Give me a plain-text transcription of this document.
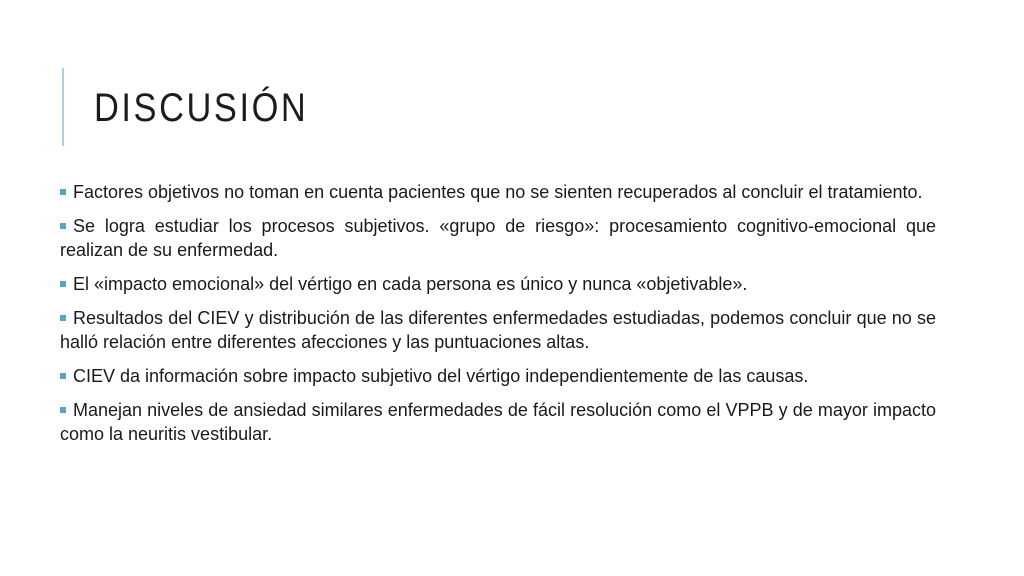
DISCUSIÓN
Factores objetivos no toman en cuenta pacientes que no se sienten recuperados al concluir el tratamiento.
Se logra estudiar los procesos subjetivos. «grupo de riesgo»: procesamiento cognitivo-emocional que realizan de su enfermedad.
El «impacto emocional» del vértigo en cada persona es único y nunca «objetivable».
Resultados del CIEV y distribución de las diferentes enfermedades estudiadas, podemos concluir que no se halló relación entre diferentes afecciones y las puntuaciones altas.
CIEV da información sobre impacto subjetivo del vértigo independientemente de las causas.
Manejan niveles de ansiedad similares enfermedades de fácil resolución como el VPPB y de mayor impacto como la neuritis vestibular.
